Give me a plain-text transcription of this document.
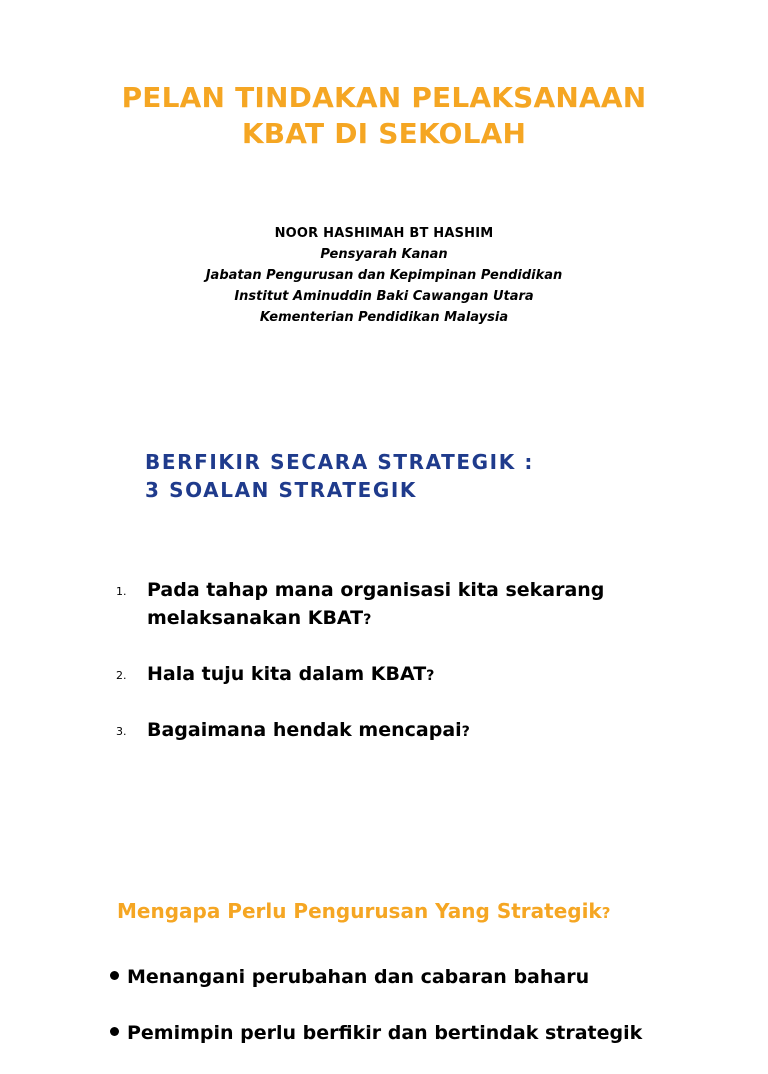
PELAN TINDAKAN PELAKSANAAN
KBAT DI SEKOLAH
NOOR HASHIMAH BT HASHIM
Pensyarah Kanan
Jabatan Pengurusan dan Kepimpinan Pendidikan
Institut Aminuddin Baki Cawangan Utara
Kementerian Pendidikan Malaysia
BERFIKIR SECARA STRATEGIK :
3 SOALAN STRATEGIK
1.	Pada tahap mana organisasi kita sekarang melaksanakan KBAT?
2.	Hala tuju kita dalam KBAT?
3.	Bagaimana hendak mencapai?
Mengapa Perlu Pengurusan Yang Strategik?
Menangani perubahan dan cabaran baharu
Pemimpin perlu berfikir dan bertindak strategik
